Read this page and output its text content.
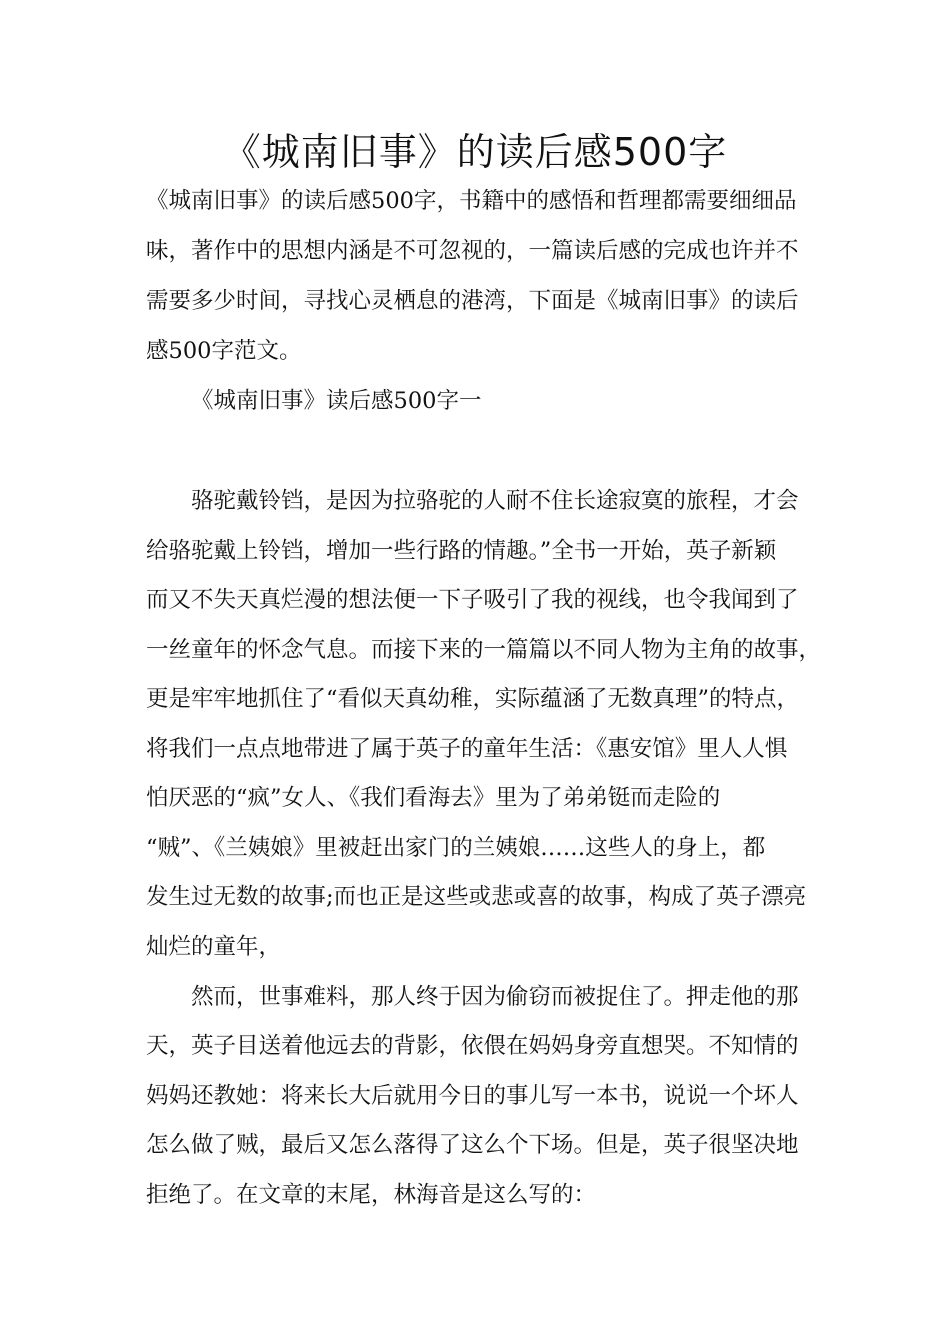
《城南旧事》的读后感500字

《城南旧事》的读后感500字，书籍中的感悟和哲理都需要细细品

味，著作中的思想内涵是不可忽视的，一篇读后感的完成也许并不

需要多少时间，寻找心灵栖息的港湾，下面是《城南旧事》的读后

感500字范文。

《城南旧事》读后感500字一

骆驼戴铃铛，是因为拉骆驼的人耐不住长途寂寞的旅程，才会

给骆驼戴上铃铛，增加一些行路的情趣。”全书一开始，英子新颖

而又不失天真烂漫的想法便一下子吸引了我的视线，也令我闻到了

一丝童年的怀念气息。而接下来的一篇篇以不同人物为主角的故事，

更是牢牢地抓住了“看似天真幼稚，实际蕴涵了无数真理”的特点，

将我们一点点地带进了属于英子的童年生活：《惠安馆》里人人惧

怕厌恶的“疯”女人、《我们看海去》里为了弟弟铤而走险的

“贼”、《兰姨娘》里被赶出家门的兰姨娘……这些人的身上，都

发生过无数的故事;而也正是这些或悲或喜的故事，构成了英子漂亮

灿烂的童年，

然而，世事难料，那人终于因为偷窃而被捉住了。押走他的那

天，英子目送着他远去的背影，依偎在妈妈身旁直想哭。不知情的

妈妈还教她：将来长大后就用今日的事儿写一本书，说说一个坏人

怎么做了贼，最后又怎么落得了这么个下场。但是，英子很坚决地

拒绝了。在文章的末尾，林海音是这么写的：
